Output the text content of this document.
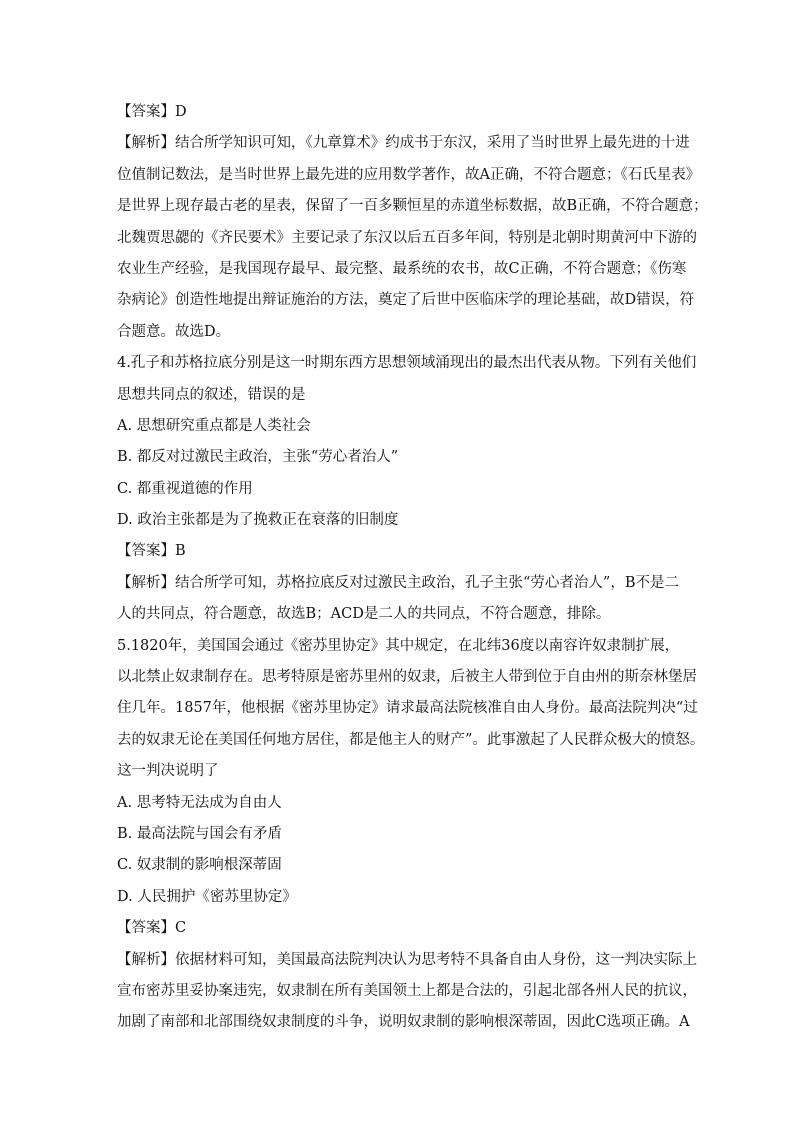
【答案】D
【解析】结合所学知识可知，《九章算术》约成书于东汉，采用了当时世界上最先进的十进
位值制记数法，是当时世界上最先进的应用数学著作，故A正确，不符合题意；《石氏星表》
是世界上现存最古老的星表，保留了一百多颗恒星的赤道坐标数据，故B正确，不符合题意；
北魏贾思勰的《齐民要术》主要记录了东汉以后五百多年间，特别是北朝时期黄河中下游的
农业生产经验，是我国现存最早、最完整、最系统的农书，故C正确，不符合题意；《伤寒
杂病论》创造性地提出辩证施治的方法，奠定了后世中医临床学的理论基础，故D错误，符
合题意。故选D。
4.孔子和苏格拉底分别是这一时期东西方思想领域涌现出的最杰出代表从物。下列有关他们
思想共同点的叙述，错误的是
A. 思想研究重点都是人类社会
B. 都反对过激民主政治，主张“劳心者治人”
C. 都重视道德的作用
D. 政治主张都是为了挽救正在衰落的旧制度
【答案】B
【解析】结合所学可知，苏格拉底反对过激民主政治，孔子主张“劳心者治人”，B不是二
人的共同点，符合题意，故选B；ACD是二人的共同点，不符合题意，排除。
5.1820年，美国国会通过《密苏里协定》其中规定，在北纬36度以南容许奴隶制扩展，
以北禁止奴隶制存在。思考特原是密苏里州的奴隶，后被主人带到位于自由州的斯奈林堡居
住几年。1857年，他根据《密苏里协定》请求最高法院核准自由人身份。最高法院判决“过
去的奴隶无论在美国任何地方居住，都是他主人的财产”。此事激起了人民群众极大的愤怒。
这一判决说明了
A. 思考特无法成为自由人
B. 最高法院与国会有矛盾
C. 奴隶制的影响根深蒂固
D. 人民拥护《密苏里协定》
【答案】C
【解析】依据材料可知，美国最高法院判决认为思考特不具备自由人身份，这一判决实际上
宣布密苏里妥协案违宪，奴隶制在所有美国领土上都是合法的，引起北部各州人民的抗议，
加剧了南部和北部围绕奴隶制度的斗争，说明奴隶制的影响根深蒂固，因此C选项正确。A
